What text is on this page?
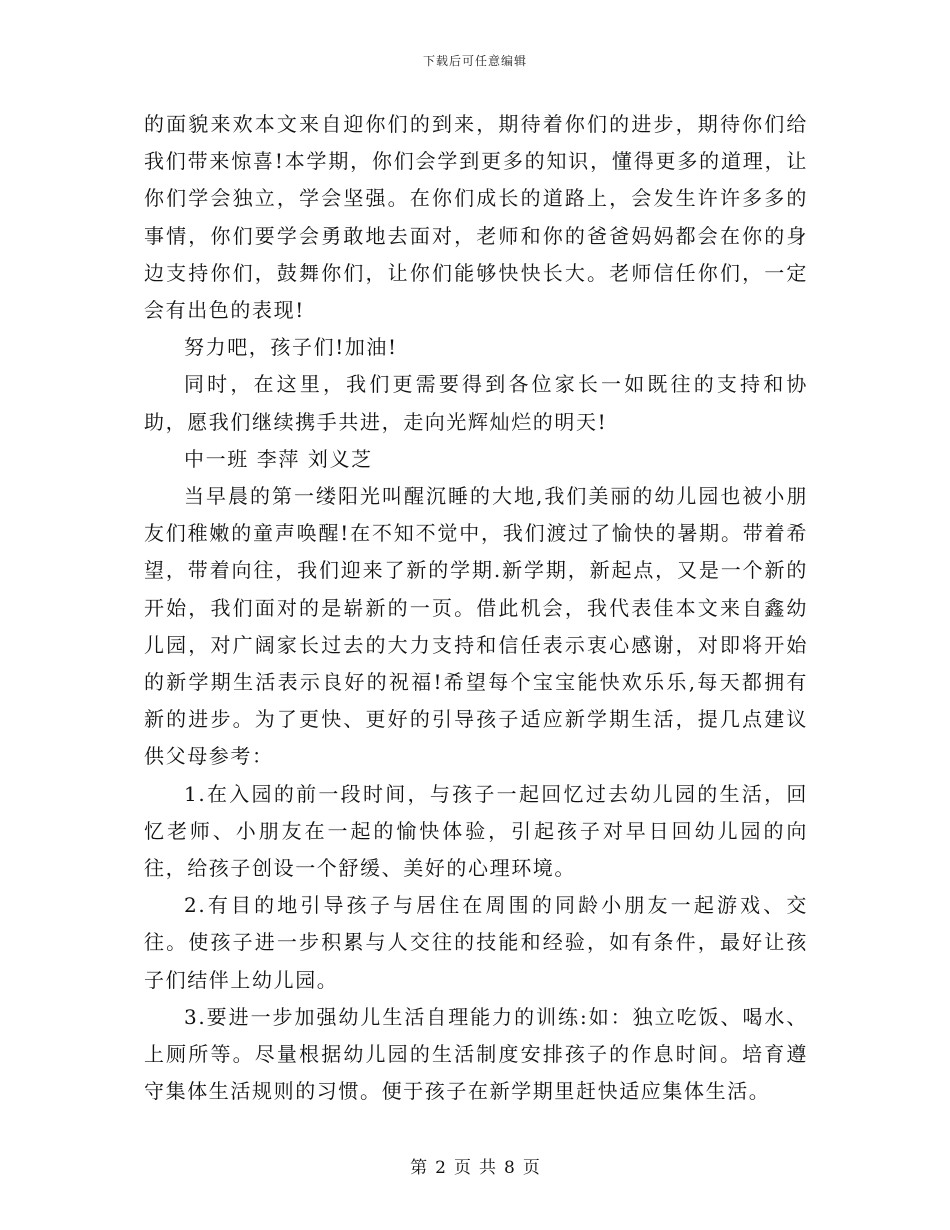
下载后可任意编辑

的面貌来欢本文来自迎你们的到来，期待着你们的进步，期待你们给我们带来惊喜!本学期，你们会学到更多的知识，懂得更多的道理，让你们学会独立，学会坚强。在你们成长的道路上，会发生许许多多的事情，你们要学会勇敢地去面对，老师和你的爸爸妈妈都会在你的身边支持你们，鼓舞你们，让你们能够快快长大。老师信任你们，一定会有出色的表现!

努力吧，孩子们!加油!

同时，在这里，我们更需要得到各位家长一如既往的支持和协助，愿我们继续携手共进，走向光辉灿烂的明天!

中一班 李萍 刘义芝

当早晨的第一缕阳光叫醒沉睡的大地,我们美丽的幼儿园也被小朋友们稚嫩的童声唤醒!在不知不觉中，我们渡过了愉快的暑期。带着希望，带着向往，我们迎来了新的学期.新学期，新起点，又是一个新的开始，我们面对的是崭新的一页。借此机会，我代表佳本文来自鑫幼儿园，对广阔家长过去的大力支持和信任表示衷心感谢，对即将开始的新学期生活表示良好的祝福!希望每个宝宝能快欢乐乐,每天都拥有新的进步。为了更快、更好的引导孩子适应新学期生活，提几点建议供父母参考：

1.在入园的前一段时间，与孩子一起回忆过去幼儿园的生活，回忆老师、小朋友在一起的愉快体验，引起孩子对早日回幼儿园的向往，给孩子创设一个舒缓、美好的心理环境。

2.有目的地引导孩子与居住在周围的同龄小朋友一起游戏、交往。使孩子进一步积累与人交往的技能和经验，如有条件，最好让孩子们结伴上幼儿园。

3.要进一步加强幼儿生活自理能力的训练:如：独立吃饭、喝水、上厕所等。尽量根据幼儿园的生活制度安排孩子的作息时间。培育遵守集体生活规则的习惯。便于孩子在新学期里赶快适应集体生活。

第 2 页 共 8 页
